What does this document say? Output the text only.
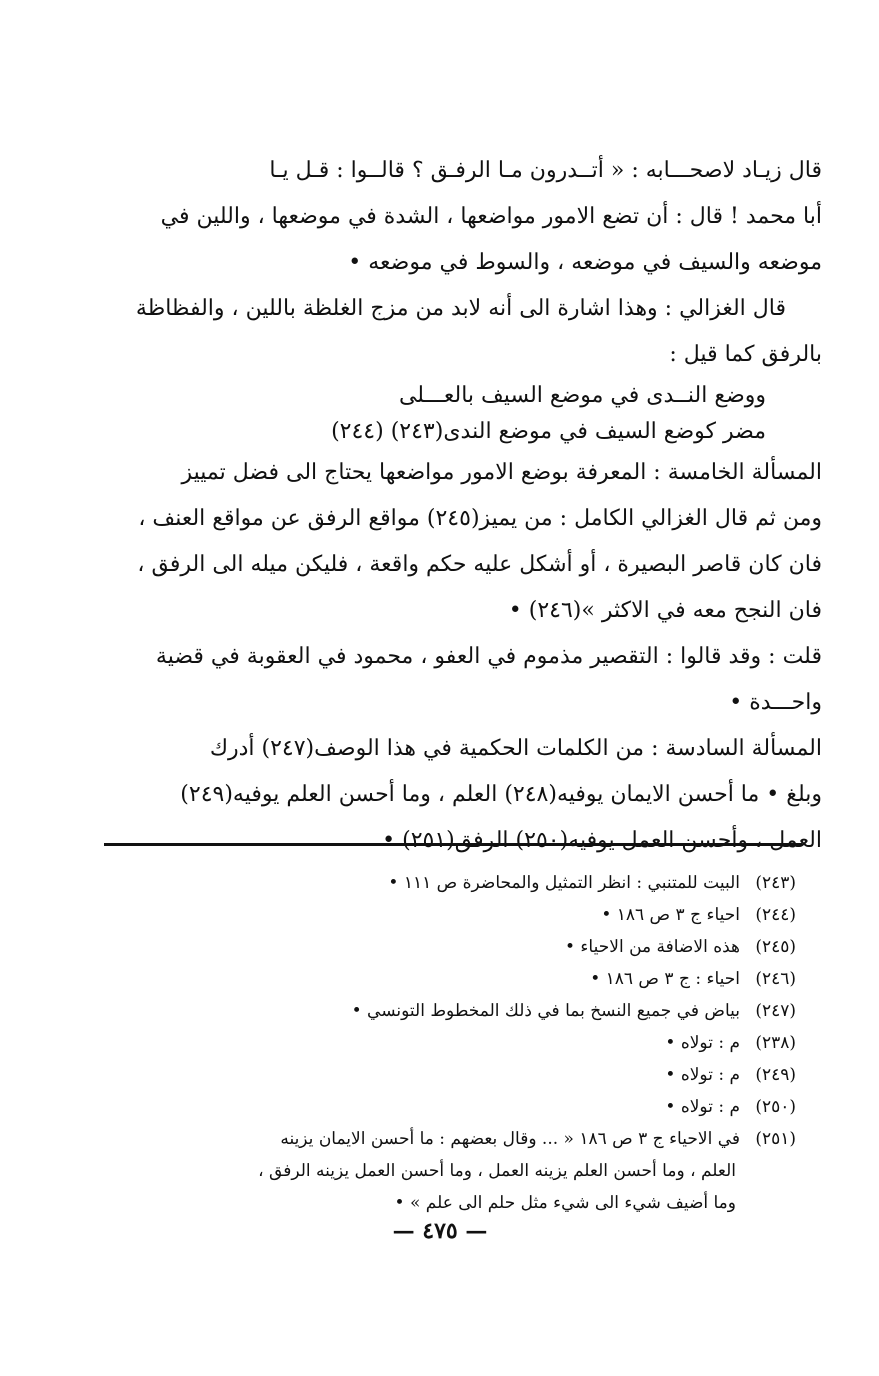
قال زيـاد لاصحـــابه : « أتــدرون مـا الرفـق ؟ قالــوا : قـل يـا
أبا محمد ! قال : أن تضع الامور مواضعها ، الشدة في موضعها ، واللين في
موضعه والسيف في موضعه ، والسوط في موضعه •
قال الغزالي : وهذا اشارة الى أنه لابد من مزج الغلظة باللين ، والفظاظة
بالرفق كما قيل :
ووضع النــدى في موضع السيف بالعـــلى
مضر كوضع السيف في موضع الندى(٢٤٣) (٢٤٤)
المسألة الخامسة : المعرفة بوضع الامور مواضعها يحتاج الى فضل تمييز
ومن ثم قال الغزالي الكامل : من يميز(٢٤٥) مواقع الرفق عن مواقع العنف ،
فان كان قاصر البصيرة ، أو أشكل عليه حكم واقعة ، فليكن ميله الى الرفق ،
فان النجح معه في الاكثر »(٢٤٦) •
قلت : وقد قالوا : التقصير مذموم في العفو ، محمود في العقوبة في قضية
واحـــدة •
المسألة السادسة : من الكلمات الحكمية في هذا الوصف(٢٤٧) أدرك
وبلغ • ما أحسن الايمان يوفيه(٢٤٨) العلم ، وما أحسن العلم يوفيه(٢٤٩)
العمل ، وأحسن العمل يوفيه(٢٥٠) الرفق(٢٥١) •
(٢٤٣)البيت للمتنبي : انظر التمثيل والمحاضرة ص ١١١ •
(٢٤٤)احياء ج ٣ ص ١٨٦ •
(٢٤٥)هذه الاضافة من الاحياء •
(٢٤٦)احياء : ج ٣ ص ١٨٦ •
(٢٤٧)بياض في جميع النسخ بما في ذلك المخطوط التونسي •
(٢٣٨)م : تولاه •
(٢٤٩)م : تولاه •
(٢٥٠)م : تولاه •
(٢٥١)في الاحياء ج ٣ ص ١٨٦ « ... وقال بعضهم : ما أحسن الايمان يزينه
العلم ، وما أحسن العلم يزينه العمل ، وما أحسن العمل يزينه الرفق ،
وما أضيف شيء الى شيء مثل حلم الى علم » •
— ٤٧٥ —
